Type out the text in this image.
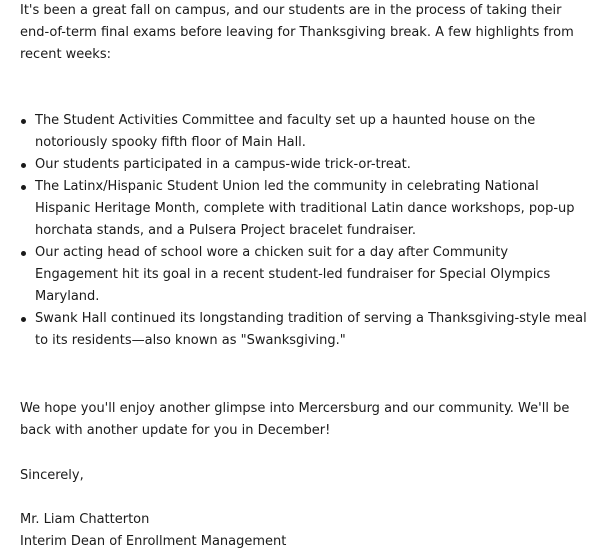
It's been a great fall on campus, and our students are in the process of taking their end-of-term final exams before leaving for Thanksgiving break. A few highlights from recent weeks:

The Student Activities Committee and faculty set up a haunted house on the notoriously spooky fifth floor of Main Hall.
Our students participated in a campus-wide trick-or-treat.
The Latinx/Hispanic Student Union led the community in celebrating National Hispanic Heritage Month, complete with traditional Latin dance workshops, pop-up horchata stands, and a Pulsera Project bracelet fundraiser.
Our acting head of school wore a chicken suit for a day after Community Engagement hit its goal in a recent student-led fundraiser for Special Olympics Maryland.
Swank Hall continued its longstanding tradition of serving a Thanksgiving-style meal to its residents—also known as "Swanksgiving."

We hope you'll enjoy another glimpse into Mercersburg and our community. We'll be back with another update for you in December!

Sincerely,

Mr. Liam Chatterton

Interim Dean of Enrollment Management
